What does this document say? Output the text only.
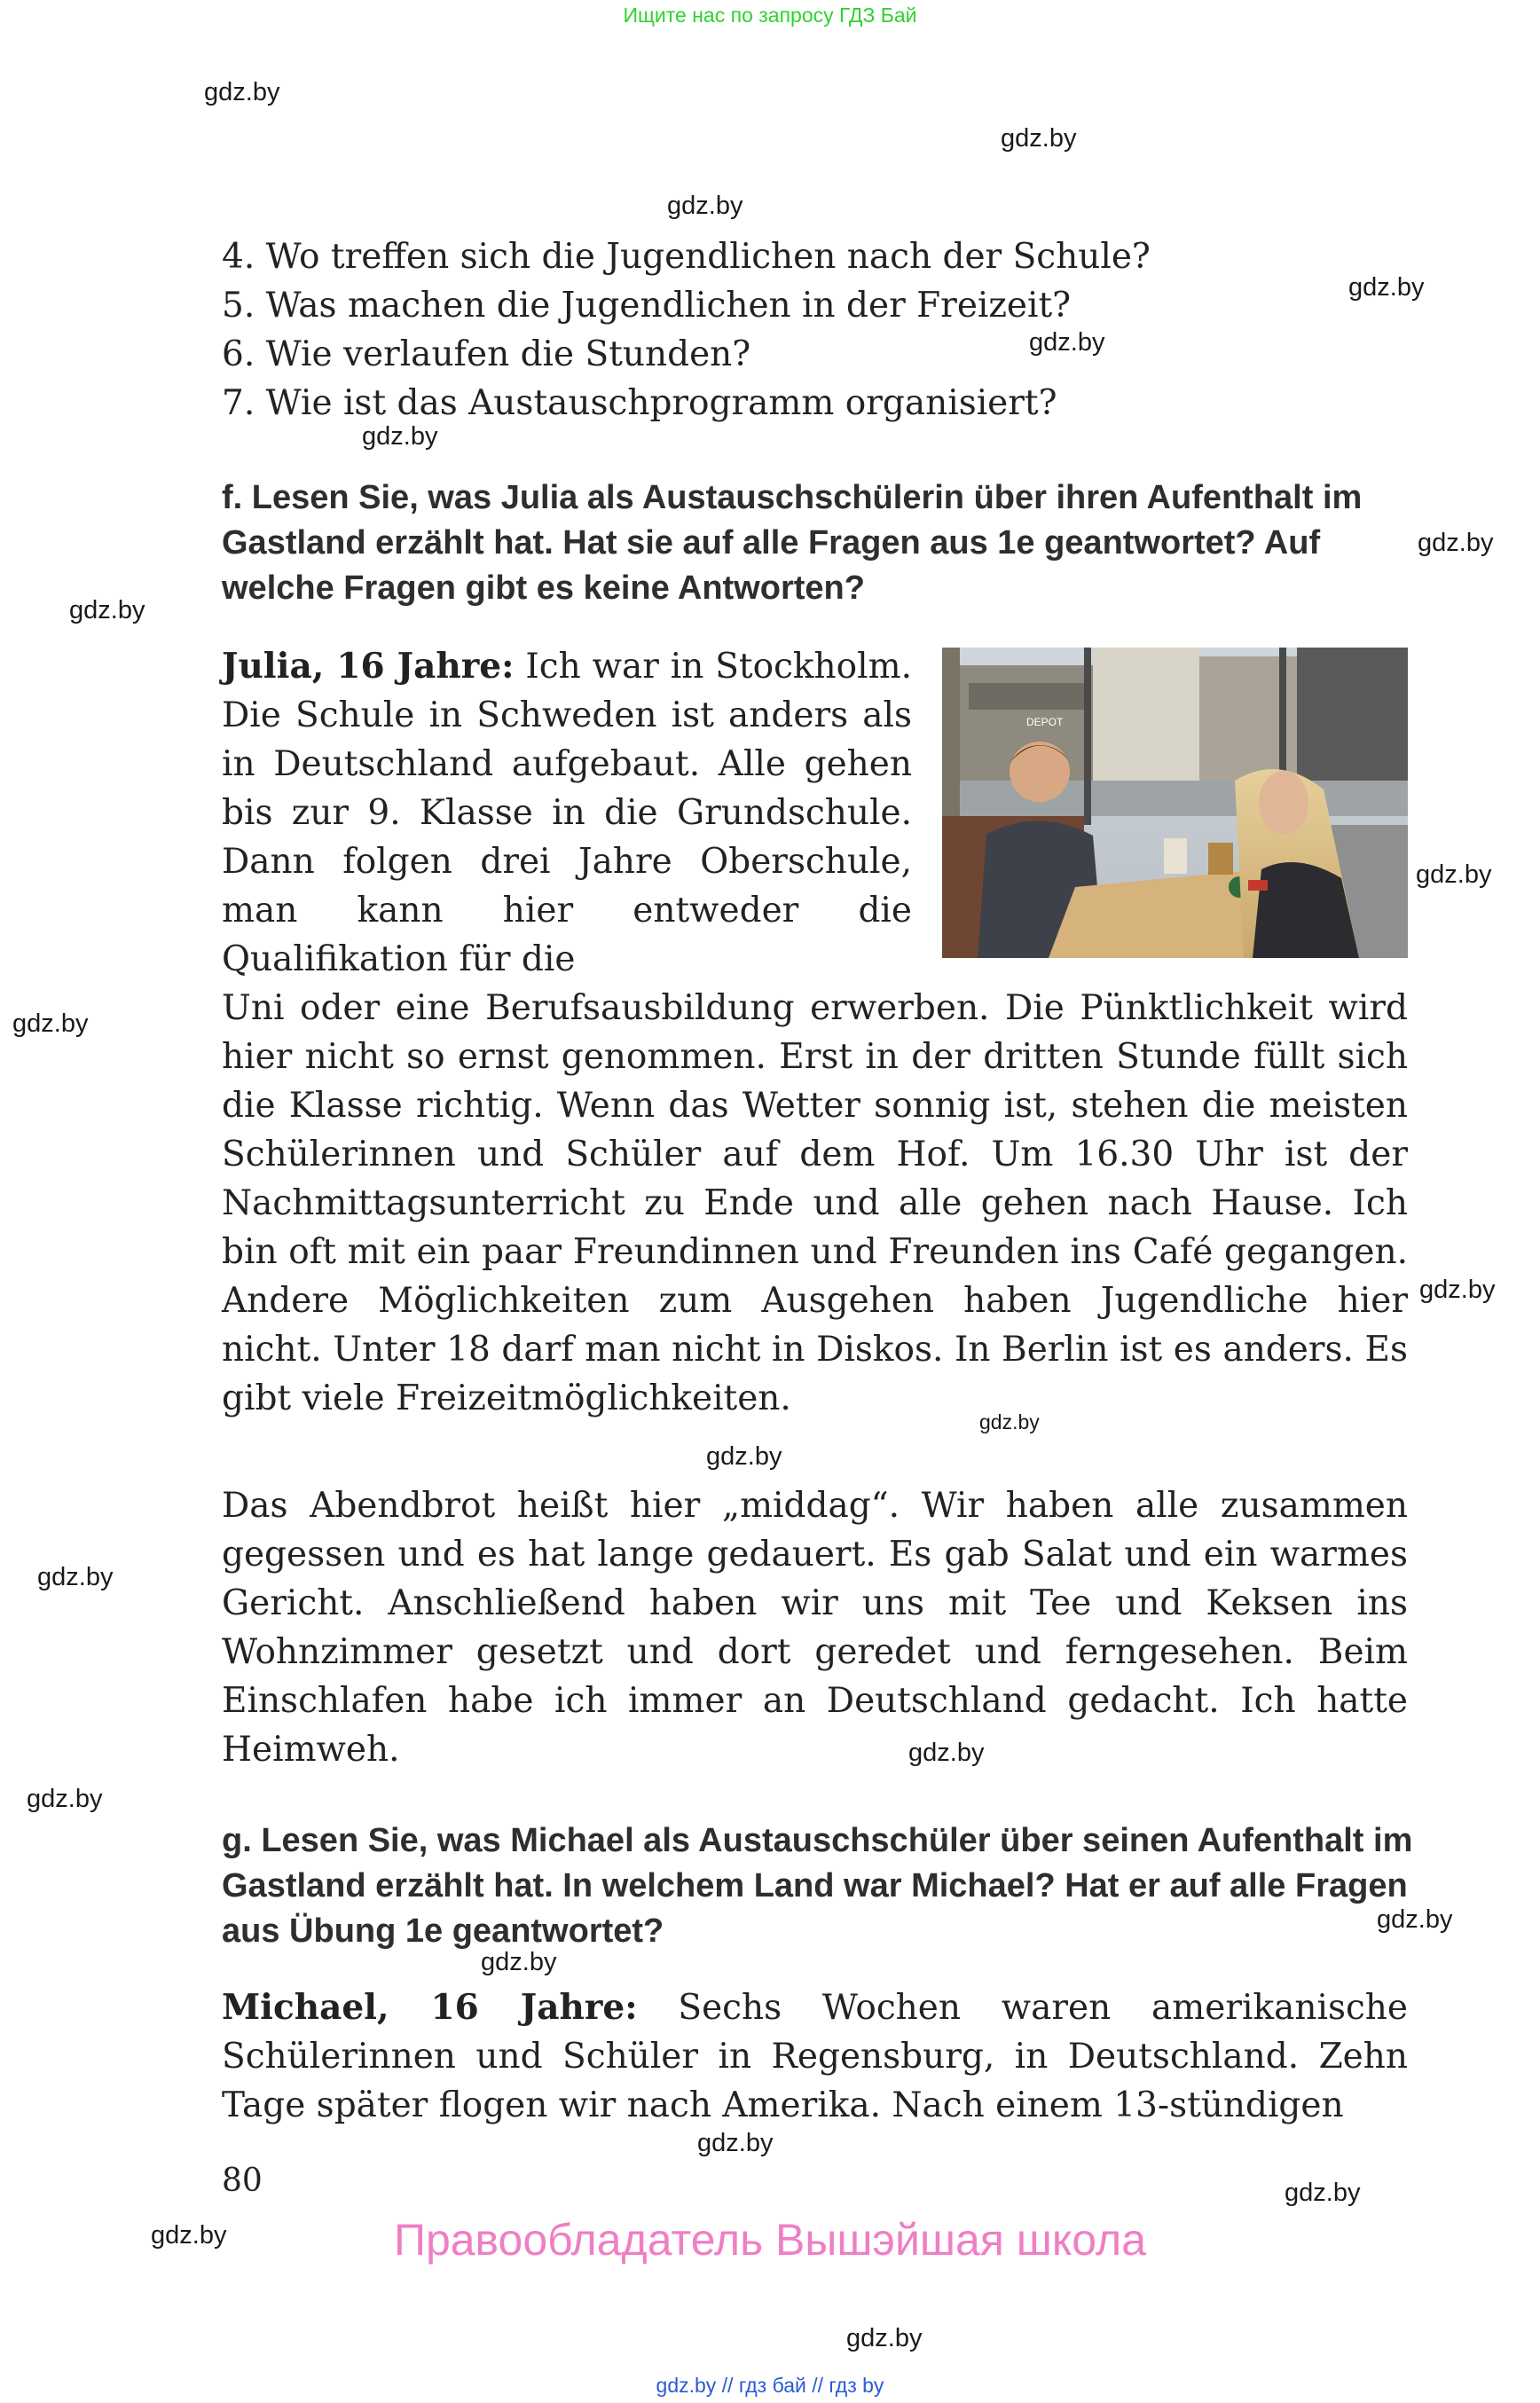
Ищите нас по запросу ГДЗ Бай
gdz.by
gdz.by
gdz.by
gdz.by
gdz.by
gdz.by
gdz.by
gdz.by
gdz.by
gdz.by
gdz.by
gdz.by
gdz.by
gdz.by
gdz.by
gdz.by
gdz.by
gdz.by
gdz.by
gdz.by
gdz.by
gdz.by
4. Wo treffen sich die Jugendlichen nach der Schule?
5. Was machen die Jugendlichen in der Freizeit?
6. Wie verlaufen die Stunden?
7. Wie ist das Austauschprogramm organisiert?
f. Lesen Sie, was Julia als Austauschschülerin über ihren Aufenthalt im Gastland erzählt hat. Hat sie auf alle Fragen aus 1e geantwortet? Auf welche Fragen gibt es keine Antworten?
DEPOT
Julia, 16 Jahre: Ich war in Stockholm. Die Schule in Schweden ist anders als in Deutschland aufgebaut. Alle gehen bis zur 9. Klasse in die Grundschule. Dann folgen drei Jahre Oberschule, man kann hier entweder die Qualifikation für die
Uni oder eine Berufsausbildung erwerben. Die Pünktlichkeit wird hier nicht so ernst genommen. Erst in der dritten Stunde füllt sich die Klasse richtig. Wenn das Wetter sonnig ist, stehen die meisten Schülerinnen und Schüler auf dem Hof. Um 16.30 Uhr ist der Nachmittagsunterricht zu Ende und alle gehen nach Hause. Ich bin oft mit ein paar Freundinnen und Freunden ins Café gegangen. Andere Möglichkeiten zum Ausgehen haben Jugendliche hier nicht. Unter 18 darf man nicht in Diskos. In Berlin ist es anders. Es gibt viele Freizeitmöglichkeiten.
Das Abendbrot heißt hier „middag“. Wir haben alle zusammen gegessen und es hat lange gedauert. Es gab Salat und ein warmes Gericht. Anschließend haben wir uns mit Tee und Keksen ins Wohnzimmer gesetzt und dort geredet und ferngesehen. Beim Einschlafen habe ich immer an Deutschland gedacht. Ich hatte Heimweh.
g. Lesen Sie, was Michael als Austauschschüler über seinen Aufenthalt im Gastland erzählt hat. In welchem Land war Michael? Hat er auf alle Fragen aus Übung 1e geantwortet?
Michael, 16 Jahre: Sechs Wochen waren amerikanische Schülerinnen und Schüler in Regensburg, in Deutschland. Zehn Tage später flogen wir nach Amerika. Nach einem 13-stündigen
80
Правообладатель Вышэйшая школа
gdz.by // гдз бай // гдз by
